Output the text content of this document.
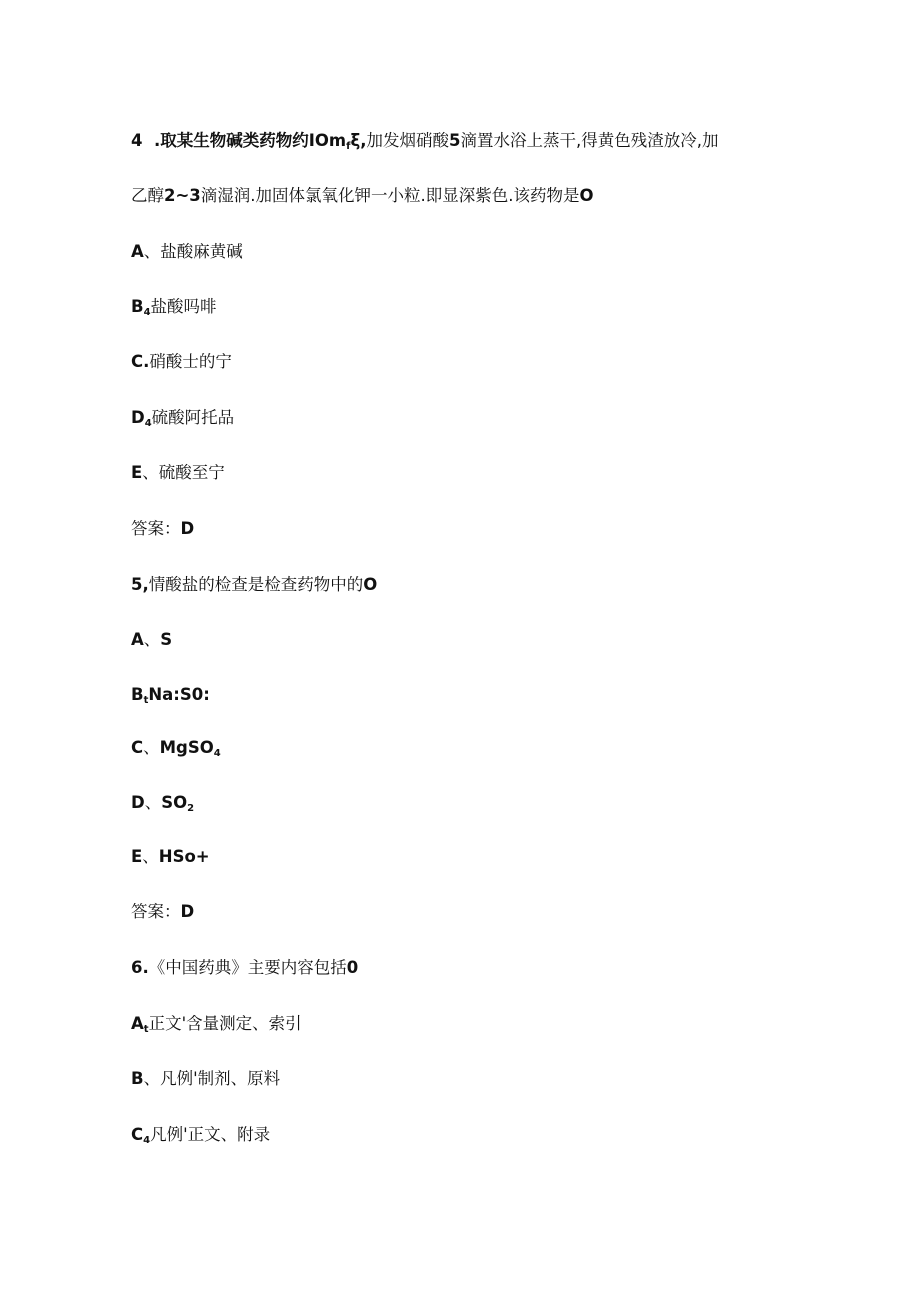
4  .取某生物碱类药物约IOm$_f$ξ,加发烟硝酸5滴置水浴上蒸干,得黄色残渣放冷,加
乙醇2~3滴湿润.加固体氯氧化钾一小粒.即显深紫色.该药物是O
A、盐酸麻黄碱
$B_4$盐酸吗啡
C.硝酸士的宁
$D_4$硫酸阿托品
E、硫酸至宁
答案：D
5,情酸盐的检查是检查药物中的O
A、S
$B_tNa:S0$:
C、MgSO$_4$
D、$SO_2$
E、HSo+
答案：D
6.《中国药典》主要内容包括0
$A_t$正文'含量测定、索引
B、凡例'制剂、原料
$C_4$凡例'正文、附录
